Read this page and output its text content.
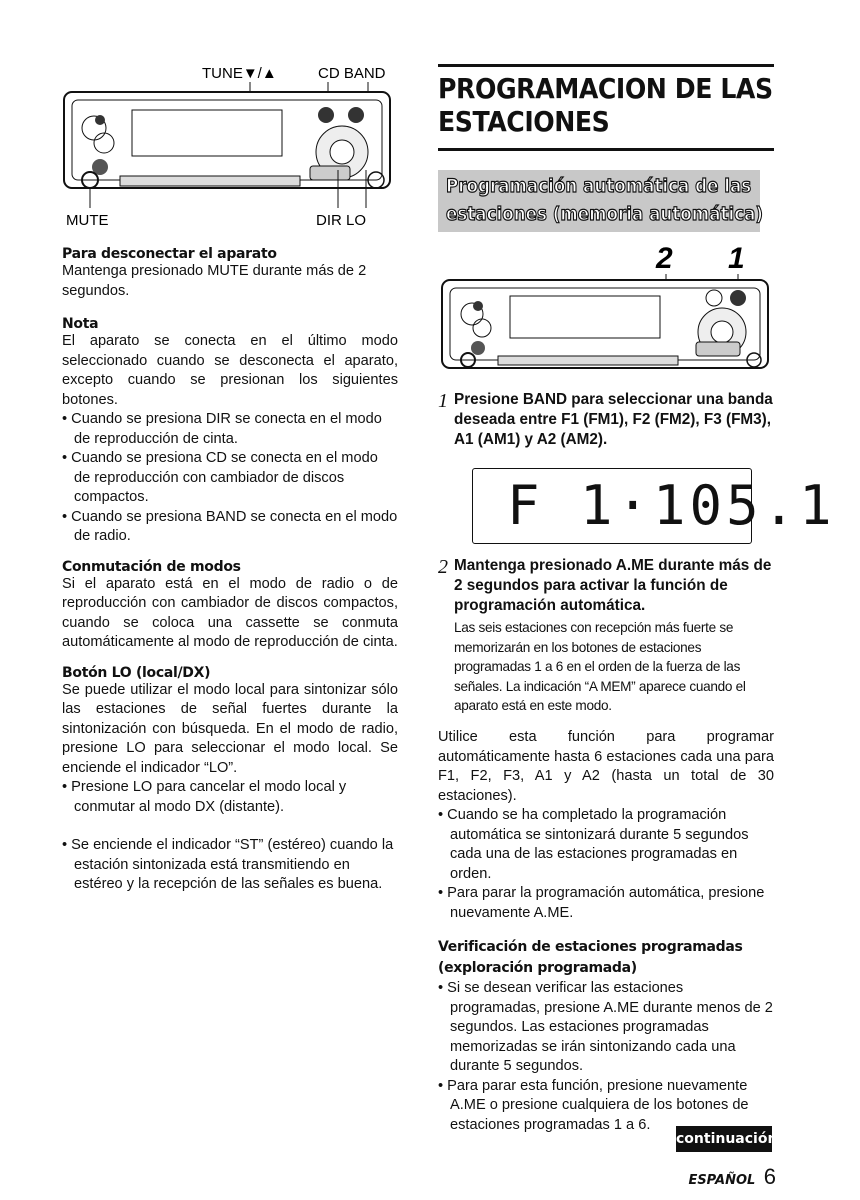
TUNE▼/▲	CD BAND
MUTE	DIR LO

Para desconectar el aparato

Mantenga presionado MUTE durante más de 2 segundos.

Nota

El aparato se conecta en el último modo seleccionado cuando se desconecta el aparato, excepto cuando se presionan los siguientes botones.

• Cuando se presiona DIR se conecta en el modo de reproducción de cinta.

• Cuando se presiona CD se conecta en el modo de reproducción con cambiador de discos compactos.

• Cuando se presiona BAND se conecta en el modo de radio.

Conmutación de modos

Si el aparato está en el modo de radio o de reproducción con cambiador de discos compactos, cuando se coloca una cassette se conmuta automáticamente al modo de reproducción de cinta.

Botón LO (local/DX)

Se puede utilizar el modo local para sintonizar sólo las estaciones de señal fuertes durante la sintonización con búsqueda. En el modo de radio, presione LO para seleccionar el modo local. Se enciende el indicador “LO”.

• Presione LO para cancelar el modo local y conmutar al modo DX (distante).

• Se enciende el indicador “ST” (estéreo) cuando la estación sintonizada está transmitiendo en estéreo y la recepción de las señales es buena.

PROGRAMACION DE LAS
ESTACIONES
Programación automática de las
estaciones (memoria automática)
2 1
1 Presione BAND para seleccionar una banda deseada entre F1 (FM1), F2 (FM2), F3 (FM3), A1 (AM1) y A2 (AM2).

F 1·105.1
2 Mantenga presionado A.ME durante más de 2 segundos para activar la función de programación automática.

Las seis estaciones con recepción más fuerte se memorizarán en los botones de estaciones programadas 1 a 6 en el orden de la fuerza de las señales. La indicación “A MEM” aparece cuando el aparato está en este modo.

Utilice esta función para programar automáticamente hasta 6 estaciones cada una para F1, F2, F3, A1 y A2 (hasta un total de 30 estaciones).

• Cuando se ha completado la programación automática se sintonizará durante 5 segundos cada una de las estaciones programadas en orden.

• Para parar la programación automática, presione nuevamente A.ME.

Verificación de estaciones programadas

(exploración programada)

• Si se desean verificar las estaciones programadas, presione A.ME durante menos de 2 segundos. Las estaciones programadas memorizadas se irán sintonizando cada una durante 5 segundos.

• Para parar esta función, presione nuevamente A.ME o presione cualquiera de los botones de estaciones programadas 1 a 6.

continuación
ESPAÑOL 6
